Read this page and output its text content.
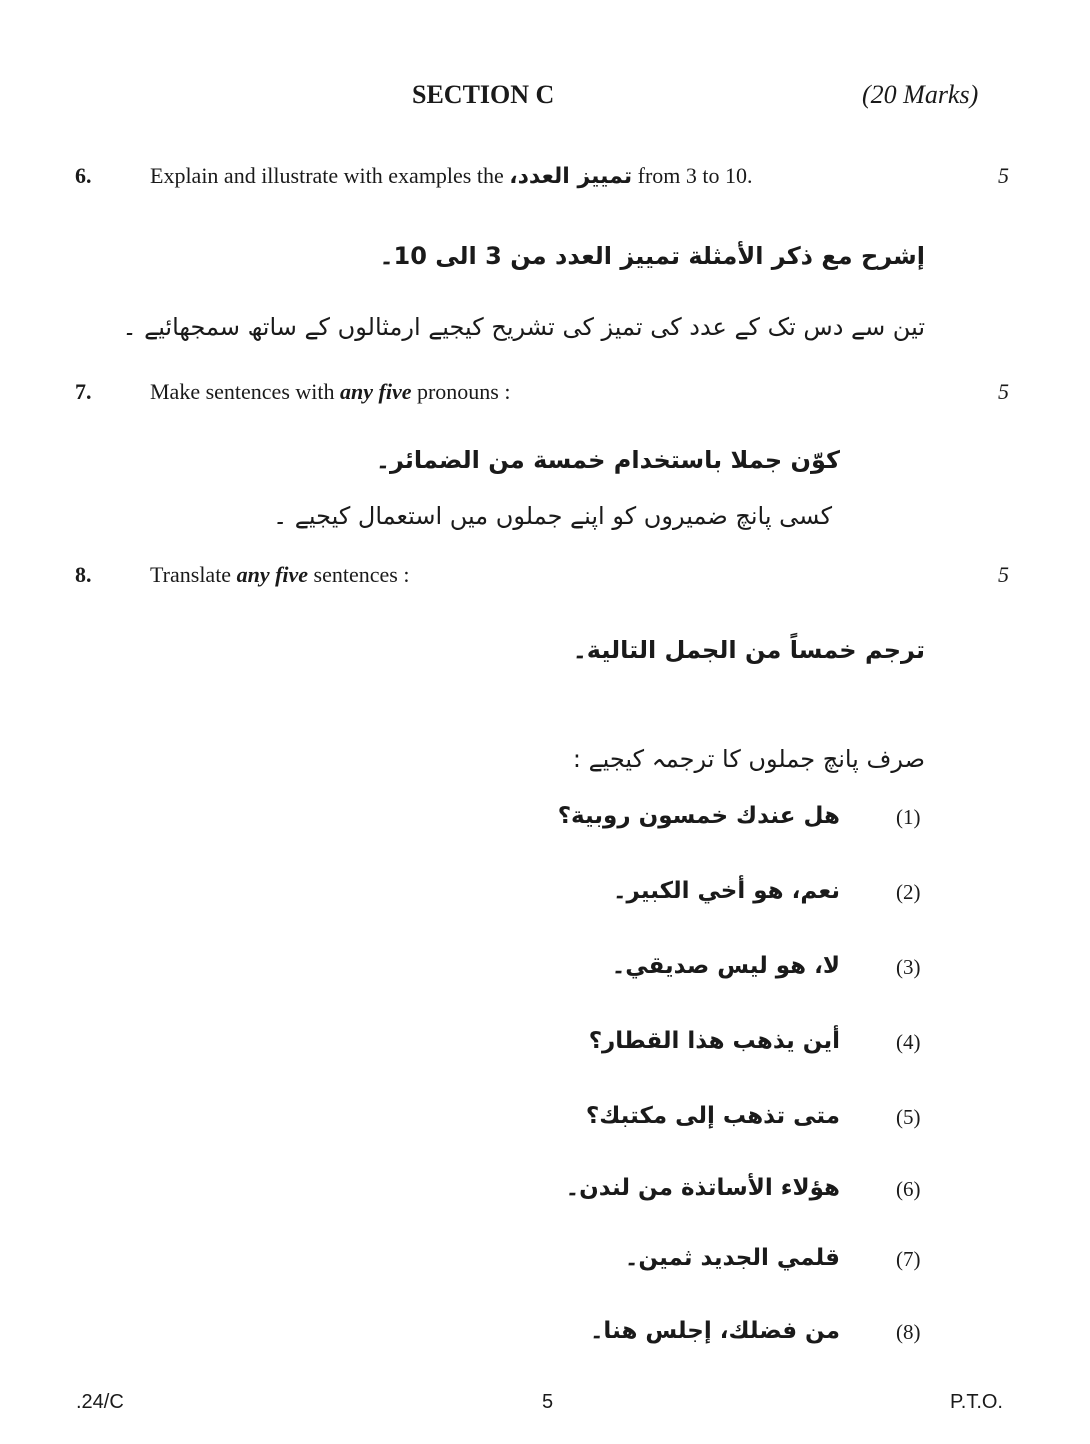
SECTION C	(20 Marks)
6.	Explain and illustrate with examples the تمييز العدد، from 3 to 10.	5
إشرح مع ذكر الأمثلة تمييز العدد من 3 الى 10۔
تین سے دس تک کے عدد کی تمیز کی تشریح کیجیے ارمثالوں کے ساتھ سمجھائیے ۔
7.	Make sentences with any five pronouns :	5
كوّن جملا باستخدام خمسة من الضمائر۔
کسی پانچ ضمیروں کو اپنے جملوں میں استعمال کیجیے ۔
8.	Translate any five sentences :	5
ترجم خمساً من الجمل التالية۔
صرف پانچ جملوں کا ترجمہ کیجیے :
(1)
هل عندك خمسون روبية؟
(2)
نعم، هو أخي الكبير۔
(3)
لا، هو ليس صديقي۔
(4)
أين يذهب هذا القطار؟
(5)
متى تذهب إلى مكتبك؟
(6)
هؤلاء الأساتذة من لندن۔
(7)
قلمي الجديد ثمين۔
(8)
من فضلك، إجلس هنا۔
.24/C	5	P.T.O.
